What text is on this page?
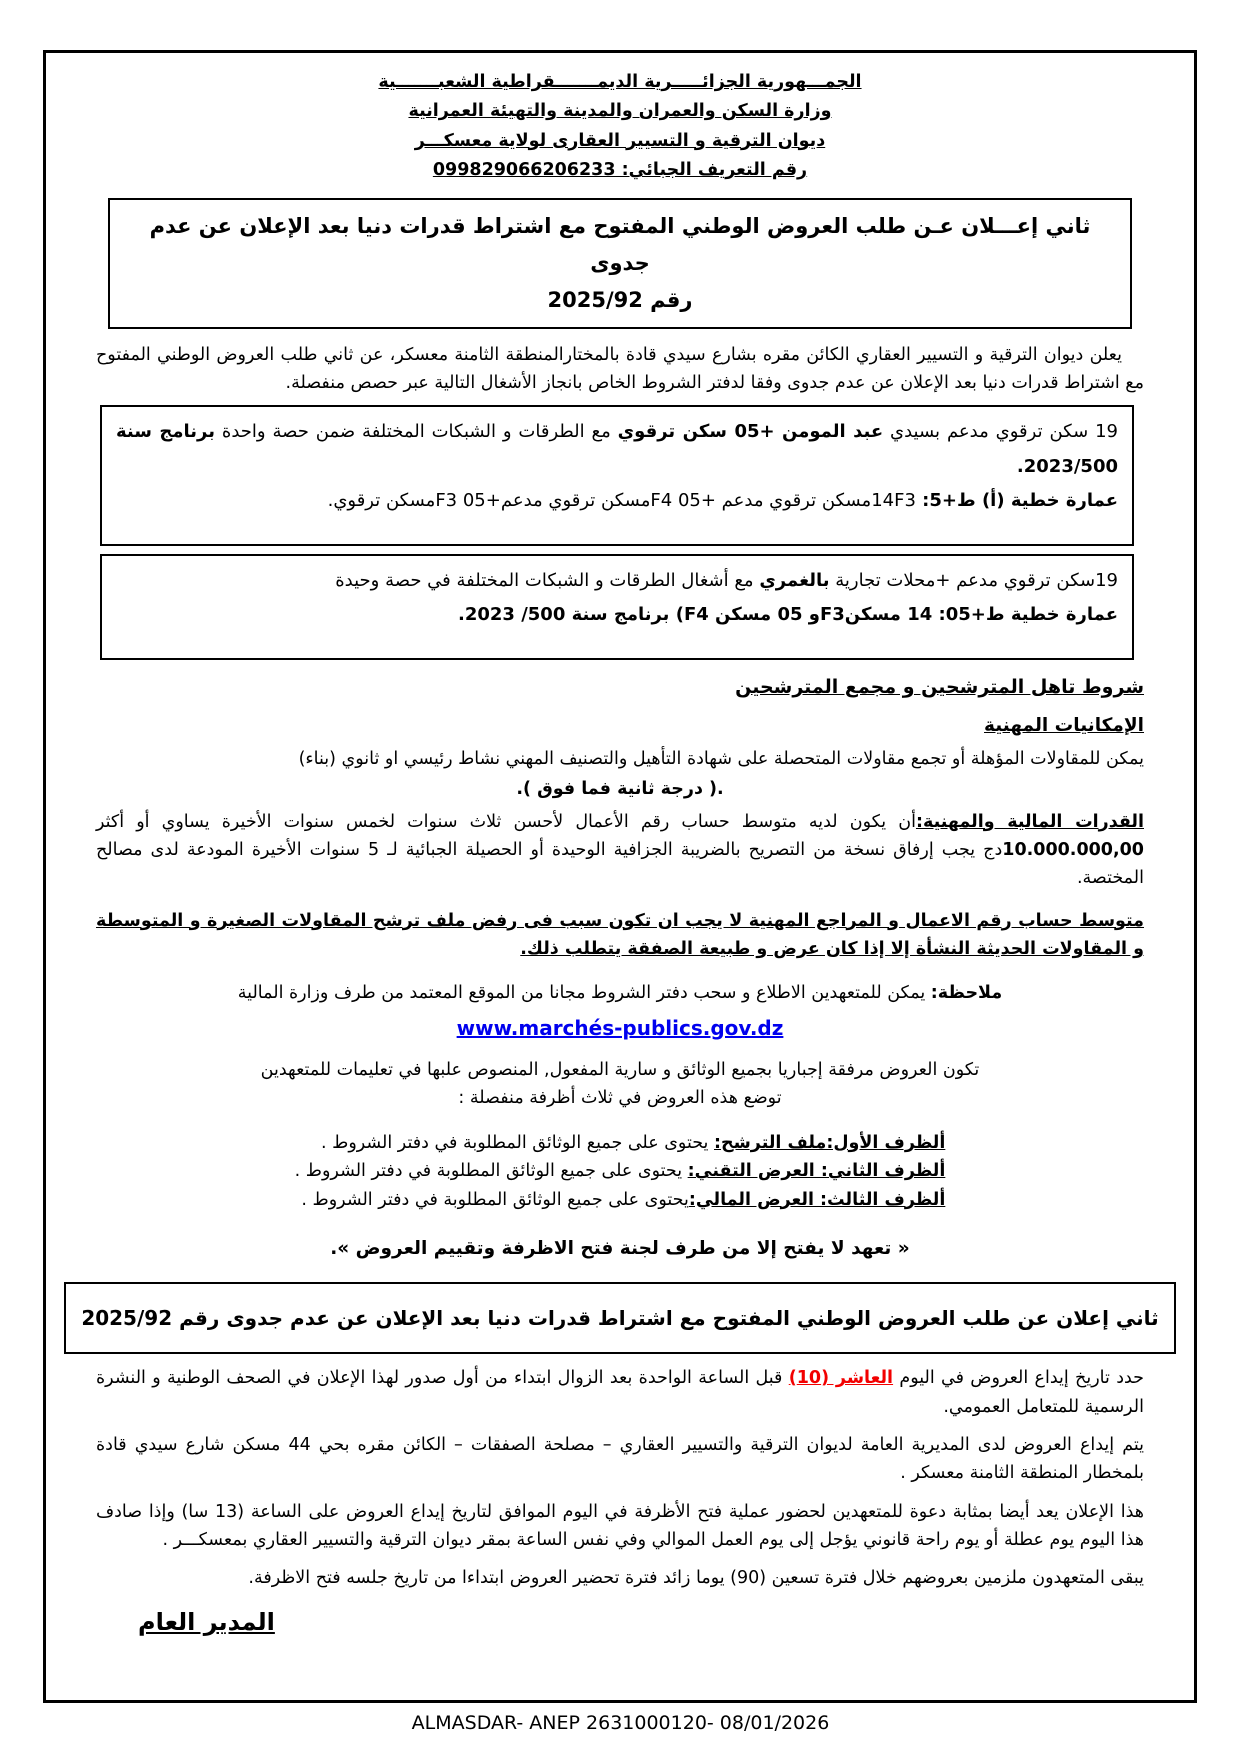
الجمـــهورية الجزائـــــرية الديمـــــــقراطية الشعبـــــــية
وزارة السكن والعمران والمدينة والتهيئة العمرانية
ديوان الترقية و التسيير العقارى لولاية معسكـــر
رقم التعريف الجبائي: 099829066206233
ثاني إعـــلان عـن طلب العروض الوطني المفتوح مع اشتراط قدرات دنيا بعد الإعلان عن عدم جدوى
رقم 2025/92

يعلن ديوان الترقية و التسيير العقاري الكائن مقره بشارع سيدي قادة بالمختارالمنطقة الثامنة معسكر، عن ثاني طلب العروض الوطني المفتوح مع اشتراط قدرات دنيا بعد الإعلان عن عدم جدوى وفقا لدفتر الشروط الخاص بانجاز الأشغال التالية عبر حصص منفصلة.

19 سكن ترقوي مدعم بسيدي عبد المومن +05 سكن ترقوي مع الطرقات و الشبكات المختلفة ضمن حصة واحدة برنامج سنة 2023/500.

عمارة خطية (أ) ط+5: 14F3مسكن ترقوي مدعم +05 F4مسكن ترقوي مدعم+05 F3مسكن ترقوي.

19سكن ترقوي مدعم +محلات تجارية بالغمري مع أشغال الطرقات و الشبكات المختلفة في حصة وحيدة

عمارة خطية ط+05: 14 مسكنF3و 05 مسكن F4) برنامج سنة 500/ 2023.

شروط تاهل المترشحين و مجمع المترشحين
الإمكانيات المهنية

يمكن للمقاولات المؤهلة أو تجمع مقاولات المتحصلة على شهادة التأهيل والتصنيف المهني نشاط رئيسي او ثانوي (بناء)

.( درجة ثانية فما فوق ).

القدرات المالية والمهنية:أن يكون لديه متوسط حساب رقم الأعمال لأحسن ثلاث سنوات لخمس سنوات الأخيرة يساوي أو أكثر 10.000.000,00دج يجب إرفاق نسخة من التصريح بالضريبة الجزافية الوحيدة أو الحصيلة الجبائية لـ 5 سنوات الأخيرة المودعة لدى مصالح المختصة.

متوسط حساب رقم الاعمال و المراجع المهنية لا يجب ان تكون سبب فى رفض ملف ترشح المقاولات الصغيرة و المتوسطة و المقاولات الحديثة النشأة إلا إذا كان عرض و طبيعة الصفقة يتطلب ذلك.

ملاحظة: يمكن للمتعهدين الاطلاع و سحب دفتر الشروط مجانا من الموقع المعتمد من طرف وزارة المالية

www.marchés-publics.gov.dz

تكون العروض مرفقة إجباريا بجميع الوثائق و سارية المفعول, المنصوص علبها في تعليمات للمتعهدين

توضع هذه العروض في ثلاث أظرفة منفصلة :

ألظرف الأول:ملف الترشح: يحتوى على جميع الوثائق المطلوبة في دفتر الشروط .

ألظرف الثاني: العرض التقني: يحتوى على جميع الوثائق المطلوبة في دفتر الشروط .

ألظرف الثالث: العرض المالي:يحتوى على جميع الوثائق المطلوبة في دفتر الشروط .

« تعهد لا يفتح إلا من طرف لجنة فتح الاظرفة وتقييم العروض ».

ثاني إعلان عن طلب العروض الوطني المفتوح مع اشتراط قدرات دنيا بعد الإعلان عن عدم جدوى رقم 2025/92

حدد تاريخ إيداع العروض في اليوم العاشر (10) قبل الساعة الواحدة بعد الزوال ابتداء من أول صدور لهذا الإعلان في الصحف الوطنية و النشرة الرسمية للمتعامل العمومي.

يتم إيداع العروض لدى المديرية العامة لديوان الترقية والتسيير العقاري – مصلحة الصفقات – الكائن مقره بحي 44 مسكن شارع سيدي قادة بلمخطار المنطقة الثامنة معسكر .

هذا الإعلان يعد أيضا بمثابة دعوة للمتعهدين لحضور عملية فتح الأظرفة في اليوم الموافق لتاريخ إيداع العروض على الساعة (13 سا) وإذا صادف هذا اليوم يوم عطلة أو يوم راحة قانوني يؤجل إلى يوم العمل الموالي وفي نفس الساعة بمقر ديوان الترقية والتسيير العقاري بمعسكـــر .

يبقى المتعهدون ملزمين بعروضهم خلال فترة تسعين (90) يوما زائد فترة تحضير العروض ابتداءا من تاريخ جلسه فتح الاظرفة.

المدير العام
ALMASDAR- ANEP 2631000120- 08/01/2026
